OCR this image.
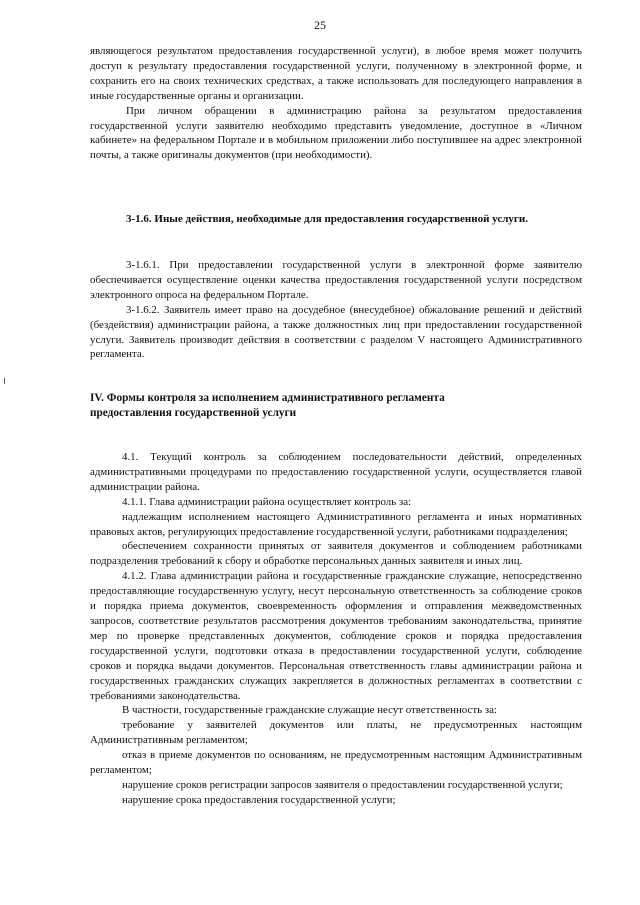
25

являющегося результатом предоставления государственной услуги), в любое время может получить доступ к результату предоставления государственной услуги, полученному в электронной форме, и сохранить его на своих технических средствах, а также использовать для последующего направления в иные государственные органы и организации.

При личном обращении в администрацию района за результатом предоставления государственной услуги заявителю необходимо представить уведомление, доступное в «Личном кабинете» на федеральном Портале и в мобильном приложении либо поступившее на адрес электронной почты, а также оригиналы документов (при необходимости).

3-1.6. Иные действия, необходимые для предоставления государственной услуги.

3-1.6.1. При предоставлении государственной услуги в электронной форме заявителю обеспечивается осуществление оценки качества предоставления государственной услуги посредством электронного опроса на федеральном Портале.

3-1.6.2. Заявитель имеет право на досудебное (внесудебное) обжалование решений и действий (бездействия) администрации района, а также должностных лиц при предоставлении государственной услуги. Заявитель производит действия в соответствии с разделом V настоящего Административного регламента.

IV. Формы контроля за исполнением административного регламента

предоставления государственной услуги

4.1. Текущий контроль за соблюдением последовательности действий, определенных административными процедурами по предоставлению государственной услуги, осуществляется главой администрации района.

4.1.1. Глава администрации района осуществляет контроль за:

надлежащим исполнением настоящего Административного регламента и иных нормативных правовых актов, регулирующих предоставление государственной услуги, работниками подразделения;

обеспечением сохранности принятых от заявителя документов и соблюдением работниками подразделения требований к сбору и обработке персональных данных заявителя и иных лиц.

4.1.2. Глава администрации района и государственные гражданские служащие, непосредственно предоставляющие государственную услугу, несут персональную ответственность за соблюдение сроков и порядка приема документов, своевременность оформления и отправления межведомственных запросов, соответствие результатов рассмотрения документов требованиям законодательства, принятие мер по проверке представленных документов, соблюдение сроков и порядка предоставления государственной услуги, подготовки отказа в предоставлении государственной услуги, соблюдение сроков и порядка выдачи документов. Персональная ответственность главы администрации района и государственных гражданских служащих закрепляется в должностных регламентах в соответствии с требованиями законодательства.

В частности, государственные гражданские служащие несут ответственность за:

требование у заявителей документов или платы, не предусмотренных настоящим Административным регламентом;

отказ в приеме документов по основаниям, не предусмотренным настоящим Административным регламентом;

нарушение сроков регистрации запросов заявителя о предоставлении государственной услуги;

нарушение срока предоставления государственной услуги;
